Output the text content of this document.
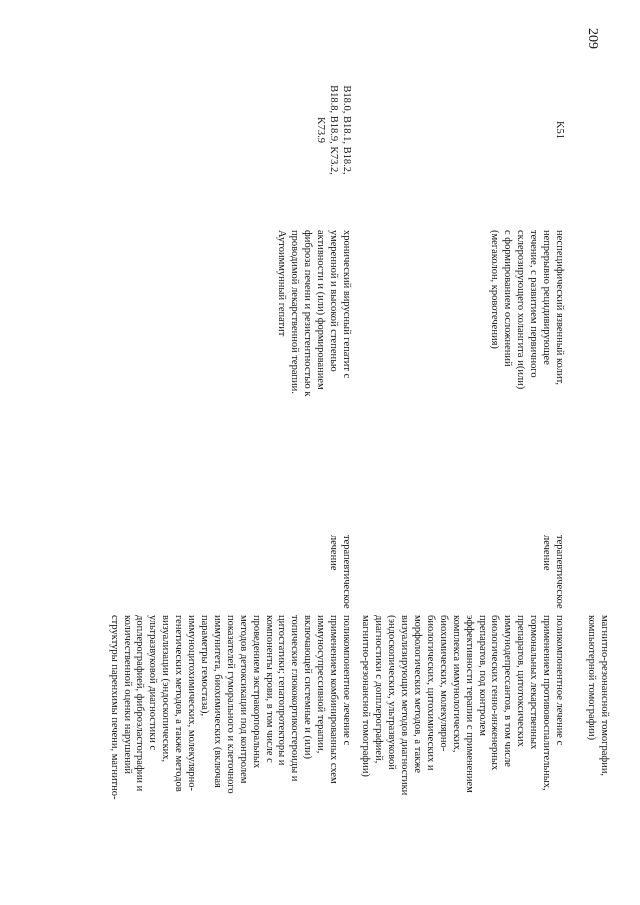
209
магнитно-резонансной томографии,
компьютерной томографии)
K51
неспецифический язвенный колит,
непрерывно рецидивирующее
течение, с развитием первичного
склерозирующего холангита и(или)
с формированием осложнений
(мегаколон, кровотечения)
терапевтическое
лечение
поликомпонентное лечение с
применением противовоспалительных,
гормональных лекарственных
препаратов, цитотоксических
иммунодепрессантов, в том числе
биологических генно-инженерных
препаратов, под контролем
эффективности терапии с применением
комплекса иммунологических,
биохимических, молекулярно-
биологических, цитохимических и
морфологических методов, а также
визуализирующих методов диагностики
(эндоскопических, ультразвуковой
диагностики с допплерографией,
магнитно-резонансной томографии)
B18.0, B18.1, B18.2,
B18.8, B18.9, K73.2,
K73.9
хронический вирусный гепатит с
умеренной и высокой степенью
активности и (или) формированием
фиброза печени и резистентностью к
проводимой лекарственной терапии.
Аутоиммунный гепатит
терапевтическое
лечение
поликомпонентное лечение с
применением комбинированных схем
иммуносупрессивной терапии,
включающей системные и (или)
топические глюкокортикостероиды и
цитостатики; гепатопротекторы и
компоненты крови, в том числе с
проведением экстракорпоральных
методов детоксикации под контролем
показателей гуморального и клеточного
иммунитета, биохимических (включая
параметры гемостаза),
иммуноцитохимических, молекулярно-
генетических методов, а также методов
визуализации (эндоскопических,
ультразвуковой диагностики с
доплерографией, фиброэластографии и
количественной оценки нарушений
структуры паренхимы печени, магнитно-
